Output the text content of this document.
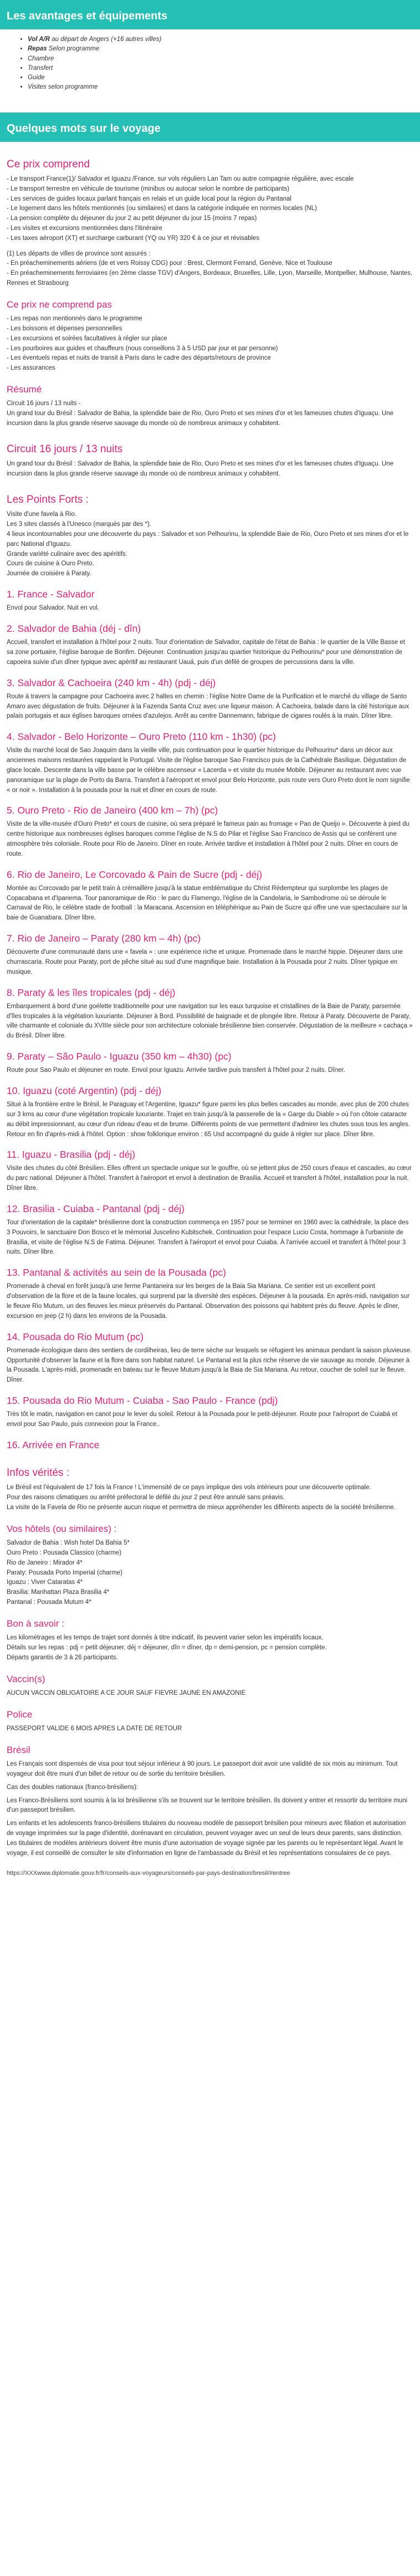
Les avantages et équipements
• Vol A/R au départ de Angers (+16 autres villes)
• Repas Selon programme
• Chambre
• Transfert
• Guide
• Visites selon programme
Quelques mots sur le voyage
Ce prix comprend
- Le transport France(1)/ Salvador et Iguazu /France, sur vols réguliers Lan Tam ou autre compagnie régulière, avec escale
- Le transport terrestre en véhicule de tourisme (minibus ou autocar selon le nombre de participants)
- Les services de guides locaux parlant français en relais et un guide local pour la région du Pantanal
- Le logement dans les hôtels mentionnés (ou similaires) et dans la catégorie indiquée en normes locales (NL)
- La pension complète du déjeuner du jour 2 au petit déjeuner du jour 15 (moins 7 repas)
- Les visites et excursions mentionnées dans l'itinéraire
- Les taxes aéroport (XT) et surcharge carburant (YQ ou YR) 320 € à ce jour et révisables
(1) Les départs de villes de province sont assurés :
- En préacheminements aériens (de et vers Roissy CDG) pour : Brest, Clermont Ferrand, Genève, Nice et Toulouse
- En préacheminements ferroviaires (en 2ème classe TGV) d'Angers, Bordeaux, Bruxelles, Lille, Lyon, Marseille, Montpellier, Mulhouse, Nantes, Rennes et Strasbourg
Ce prix ne comprend pas
- Les repas non mentionnés dans le programme
- Les boissons et dépenses personnelles
- Les excursions et soirées facultatives à régler sur place
- Les pourboires aux guides et chauffeurs (nous conseillons 3 à 5 USD par jour et par personne)
- Les éventuels repas et nuits de transit à Paris dans le cadre des départs/retours de province
- Les assurances
Résumé
Circuit 16 jours / 13 nuits -
Un grand tour du Brésil : Salvador de Bahia, la splendide baie de Rio, Ouro Preto et ses mines d'or et les fameuses chutes d'Iguaçu. Une incursion dans la plus grande réserve sauvage du monde où de nombreux animaux y cohabitent.
Circuit 16 jours / 13 nuits

Un grand tour du Brésil : Salvador de Bahia, la splendide baie de Rio, Ouro Preto et ses mines d'or et les fameuses chutes d'Iguaçu. Une incursion dans la plus grande réserve sauvage du monde où de nombreux animaux y cohabitent.

Les Points Forts :
Visite d'une favela à Rio.
Les 3 sites classés à l'Unesco (marqués par des *).
4 lieux incontournables pour une découverte du pays : Salvador et son Pelhourinu, la splendide Baie de Rio, Ouro Preto et ses mines d'or et le parc National d'Iguazu.
Grande variété culinaire avec des apéritifs.
Cours de cuisine à Ouro Preto.
Journée de croisière à Paraty.
1. France - Salvador

Envol pour Salvador. Nuit en vol.

2. Salvador de Bahia (déj - dîn)

Accueil, transfert et installation à l'hôtel pour 2 nuits. Tour d'orientation de Salvador, capitale de l'état de Bahia : le quartier de la Ville Basse et sa zone portuaire, l'église baroque de Bonfim. Déjeuner. Continuation jusqu'au quartier historique du Pelhourinu* pour une démonstration de capoeira suivie d'un dîner typique avec apéritif au restaurant Uauá, puis d'un défilé de groupes de percussions dans la ville.

3. Salvador & Cachoeira (240 km - 4h) (pdj - déj)

Route à travers la campagne pour Cachoeira avec 2 haltes en chemin : l'église Notre Dame de la Purification et le marché du village de Santo Amaro avec dégustation de fruits. Déjeuner à la Fazenda Santa Cruz avec une liqueur maison. À Cachoeira, balade dans la cité historique aux palais portugais et aux églises baroques ornées d'azulejos. Arrêt au centre Dannemann, fabrique de cigares roulés à la main. Dîner libre.

4. Salvador - Belo Horizonte – Ouro Preto (110 km - 1h30) (pc)

Visite du marché local de Sao Joaquim dans la vieille ville, puis continuation pour le quartier historique du Pelhourinu* dans un décor aux anciennes maisons restaurées rappelant le Portugal. Visite de l'église baroque Sao Francisco puis de la Cathédrale Basilique. Dégustation de glace locale. Descente dans la ville basse par le célèbre ascenseur « Lacerda » et visite du musée Mobile. Déjeuner au restaurant avec vue panoramique sur la plage de Porto da Barra. Transfert à l'aéroport et envol pour Belo Horizonte, puis route vers Ouro Preto dont le nom signifie « or noir ». Installation à la pousada pour la nuit et dîner en cours de route.

5. Ouro Preto - Rio de Janeiro (400 km – 7h) (pc)

Visite de la ville-musée d'Ouro Preto* et cours de cuisine, où sera préparé le fameux pain au fromage « Pao de Queijo ». Découverte à pied du centre historique aux nombreuses églises baroques comme l'église de N.S do Pilar et l'église Sao Francisco de Assis qui se confèrent une atmosphère très coloniale. Route pour Rio de Janeiro. Dîner en route. Arrivée tardive et installation à l'hôtel pour 2 nuits. Dîner en cours de route.

6. Rio de Janeiro, Le Corcovado & Pain de Sucre (pdj - déj)

Montée au Corcovado par le petit train à crémaillère jusqu'à la statue emblématique du Christ Rédempteur qui surplombe les plages de Copacabana et d'Ipanema. Tour panoramique de Rio : le parc du Flamengo, l'église de la Candelaria, le Sambodrome où se déroule le Carnaval de Rio, le célèbre stade de football : la Maracana. Ascension en téléphérique au Pain de Sucre qui offre une vue spectaculaire sur la baie de Guanabara. Dîner libre.

7. Rio de Janeiro – Paraty (280 km – 4h) (pc)

Découverte d'une communauté dans une « favela » : une expérience riche et unique. Promenade dans le marché hippie. Déjeuner dans une churrascaria. Route pour Paraty, port de pêche situé au sud d'une magnifique baie. Installation à la Pousada pour 2 nuits. Dîner typique en musique.

8. Paraty & les îles tropicales (pdj - déj)

Embarquement à bord d'une goélette traditionnelle pour une navigation sur les eaux turquoise et cristallines de la Baie de Paraty, parsemée d'îles tropicales à la végétation luxuriante. Déjeuner à Bord. Possibilité de baignade et de plongée libre. Retour à Paraty. Découverte de Paraty, ville charmante et coloniale du XVIIIe siècle pour son architecture coloniale brésilienne bien conservée. Dégustation de la meilleure « cachaça » du Brésil. Dîner libre.

9. Paraty – São Paulo - Iguazu (350 km – 4h30) (pc)

Route pour Sao Paulo et déjeuner en route. Envol pour Iguazu. Arrivée tardive puis transfert à l'hôtel pour 2 nuits. Dîner.

10. Iguazu (coté Argentin) (pdj - déj)

Situé à la frontière entre le Brésil, le Paraguay et l'Argentine, Iguazu* figure parmi les plus belles cascades au monde, avec plus de 200 chutes sur 3 kms au cœur d'une végétation tropicale luxuriante. Trajet en train jusqu'à la passerelle de la « Garge du Diable » où l'on côtoie cataracte au débit impressionnant, au cœur d'un rideau d'eau et de brume. Différents points de vue permettent d'admirer les chutes sous tous les angles. Retour en fin d'après-midi à l'hôtel. Option : show folklorique environ : 65 Usd accompagné du guide à régler sur place. Dîner libre.

11. Iguazu - Brasilia (pdj - déj)

Visite des chutes du côté Brésilien. Elles offrent un spectacle unique sur le gouffre, où se jettent plus de 250 cours d'eaux et cascades, au cœur du parc national. Déjeuner à l'hôtel. Transfert à l'aéroport et envol à destination de Brasilia. Accueil et transfert à l'hôtel, installation pour la nuit. Dîner libre.

12. Brasilia - Cuiaba - Pantanal (pdj - déj)

Tour d'orientation de la capitale* brésilienne dont la construction commença en 1957 pour se terminer en 1960 avec la cathédrale, la place des 3 Pouvoirs, le sanctuaire Don Bosco et le mémorial Juscelino Kubitschek. Continuation pour l'espace Lucio Costa, hommage à l'urbaniste de Brasilia, et visite de l'église N.S de Fatima. Déjeuner. Transfert à l'aéroport et envol pour Cuiaba. À l'arrivée accueil et transfert à l'hôtel pour 3 nuits. Dîner libre.

13. Pantanal & activités au sein de la Pousada (pc)

Promenade à cheval en forêt jusqu'à une ferme Pantaneira sur les berges de la Baia Sia Mariana. Ce sentier est un excellent point d'observation de la flore et de la faune locales, qui surprend par la diversité des espèces. Déjeuner à la pousada. En après-midi, navigation sur le fleuve Rio Mutum, un des fleuves les mieux préservés du Pantanal. Observation des poissons qui habitent près du fleuve. Après le dîner, excursion en jeep (2 h) dans les environs de la Pousada.

14. Pousada do Rio Mutum (pc)

Promenade écologique dans des sentiers de cordilheiras, lieu de terre sèche sur lesquels se réfugient les animaux pendant la saison pluvieuse. Opportunité d'observer la faune et la flore dans son habitat naturel. Le Pantanal est la plus riche réserve de vie sauvage au monde. Déjeuner à la Pousada. L'après-midi, promenade en bateau sur le fleuve Mutum jusqu'à la Baia de Sia Mariana. Au retour, coucher de soleil sur le fleuve. Dîner.

15. Pousada do Rio Mutum - Cuiaba - Sao Paulo - France (pdj)

Très tôt le matin, navigation en canot pour le lever du soleil. Retour à la Pousada pour le petit-déjeuner. Route pour l'aéroport de Cuiabá et envol pour Sao Paulo, puis connexion pour la France..

16. Arrivée en France
Infos vérités :
Le Brésil est l'équivalent de 17 fois la France ! L'immensité de ce pays implique des vols intérieurs pour une découverte optimale.
Pour des raisons climatiques ou arrêté préfectoral le défilé du jour 2 peut être annulé sans préavis.
La visite de la Favela de Rio ne présente aucun risque et permettra de mieux appréhender les différents aspects de la société brésilienne.
Vos hôtels (ou similaires) :
Salvador de Bahia : Wish hotel Da Bahia 5*
Ouro Preto : Pousada Classico (charme)
Rio de Janeiro : Mirador 4*
Paraty: Pousada Porto Imperial (charme)
Iguazu : Viver Cataratas 4*
Brasilia: Manhattan Plaza Brasilia 4*
Pantanal : Pousada Mutum 4*
Bon à savoir :
Les kilométrages et les temps de trajet sont donnés à titre indicatif, ils peuvent varier selon les impératifs locaux.
Détails sur les repas : pdj = petit déjeuner, déj = déjeuner, dîn = dîner, dp = demi-pension, pc = pension complète.
Départs garantis de 3 à 26 participants.
Vaccin(s)

AUCUN VACCIN OBLIGATOIRE A CE JOUR SAUF FIEVRE JAUNE EN AMAZONIE

Police

PASSEPORT VALIDE 6 MOIS APRES LA DATE DE RETOUR

Brésil

Les Français sont dispensés de visa pour tout séjour inférieur à 90 jours. Le passeport doit avoir une validité de six mois au minimum. Tout voyageur doit être muni d'un billet de retour ou de sortie du territoire brésilien.

Cas des doubles nationaux (franco-brésiliens):

Les Franco-Brésiliens sont soumis à la loi brésilienne s'ils se trouvent sur le territoire brésilien. Ils doivent y entrer et ressortir du territoire muni d'un passeport brésilien.

Les enfants et les adolescents franco-brésiliens titulaires du nouveau modèle de passeport brésilien pour mineurs avec filiation et autorisation de voyage imprimées sur la page d'identité, dorénavant en circulation, peuvent voyager avec un seul de leurs deux parents, sans distinction. Les titulaires de modèles antérieurs doivent être munis d'une autorisation de voyage signée par les parents ou le représentant légal. Avant le voyage, il est conseillé de consulter le site d'information en ligne de l'ambassade du Brésil et les représentations consulaires de ce pays.

https://XXXwww.diplomatie.gouv.fr/fr/conseils-aux-voyageurs/conseils-par-pays-destination/bresil/#entree
